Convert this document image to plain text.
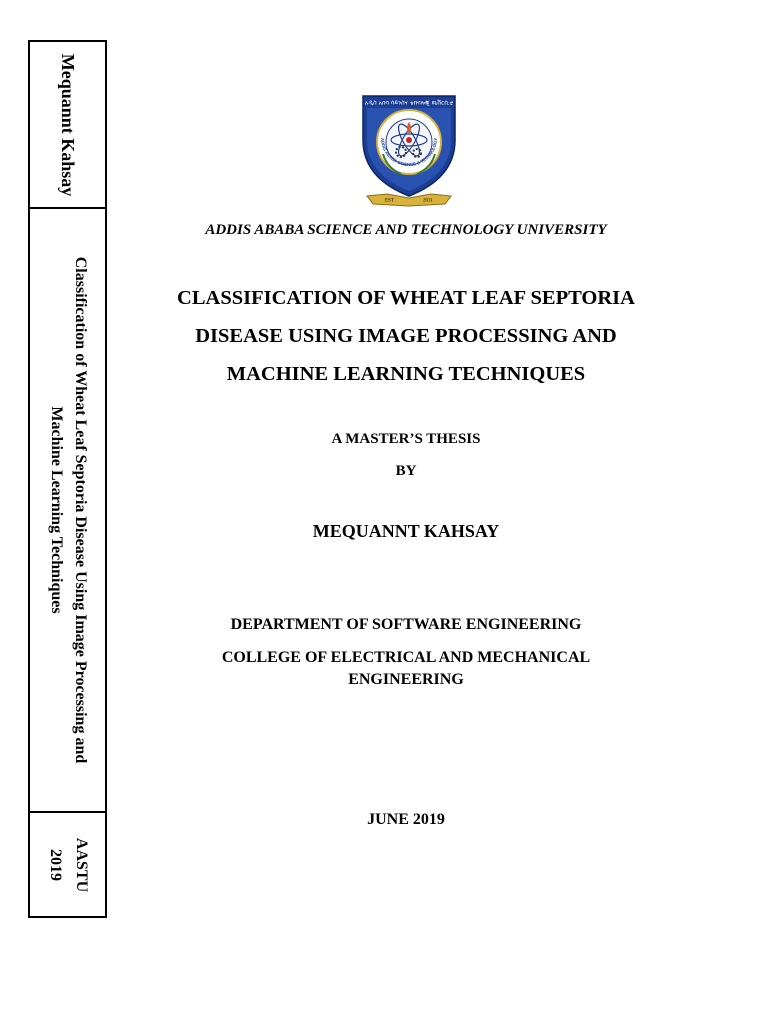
Mequannt Kahsay
Classification of Wheat Leaf Septoria Disease Using Image Processing and
Machine Learning Techniques
AASTU
2019
EST	2011
አዲስ አበባ ሳይንስና ቴክኖሎጂ ዩኒቨርሲቲ
ADDIS ABABA SCIENCE & TECHNOLOGY
ADDIS ABABA SCIENCE AND TECHNOLOGY UNIVERSITY
CLASSIFICATION OF WHEAT LEAF SEPTORIA
DISEASE USING IMAGE PROCESSING AND
MACHINE LEARNING TECHNIQUES
A MASTER’S THESIS
BY
MEQUANNT KAHSAY
DEPARTMENT OF SOFTWARE ENGINEERING
COLLEGE OF ELECTRICAL AND MECHANICAL
ENGINEERING
JUNE 2019
